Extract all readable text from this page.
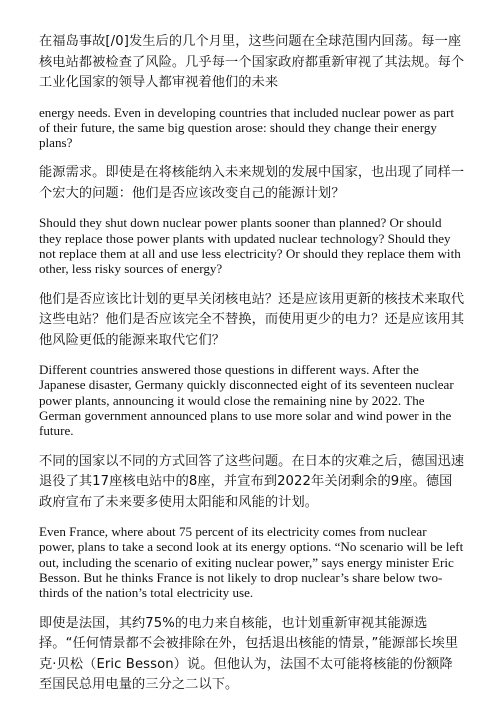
在福岛事故[/0]发生后的几个月里，这些问题在全球范围内回荡。每一座核电站都被检查了风险。几乎每一个国家政府都重新审视了其法规。每个工业化国家的领导人都审视着他们的未来

energy needs. Even in developing countries that included nuclear power as part of their future, the same big question arose: should they change their energy plans?

能源需求。即使是在将核能纳入未来规划的发展中国家，也出现了同样一个宏大的问题：他们是否应该改变自己的能源计划？

Should they shut down nuclear power plants sooner than planned? Or should they replace those power plants with updated nuclear technology? Should they not replace them at all and use less electricity? Or should they replace them with other, less risky sources of energy?

他们是否应该比计划的更早关闭核电站？还是应该用更新的核技术来取代这些电站？他们是否应该完全不替换，而使用更少的电力？还是应该用其他风险更低的能源来取代它们？

Different countries answered those questions in different ways. After the Japanese disaster, Germany quickly disconnected eight of its seventeen nuclear power plants, announcing it would close the remaining nine by 2022. The German government announced plans to use more solar and wind power in the future.

不同的国家以不同的方式回答了这些问题。在日本的灾难之后，德国迅速退役了其17座核电站中的8座，并宣布到2022年关闭剩余的9座。德国政府宣布了未来要多使用太阳能和风能的计划。

Even France, where about 75 percent of its electricity comes from nuclear power, plans to take a second look at its energy options. “No scenario will be left out, including the scenario of exiting nuclear power,” says energy minister Eric Besson. But he thinks France is not likely to drop nuclear’s share below two-thirds of the nation’s total electricity use.

即使是法国，其约75%的电力来自核能，也计划重新审视其能源选择。“任何情景都不会被排除在外，包括退出核能的情景，”能源部长埃里克·贝松（Eric Besson）说。但他认为，法国不太可能将核能的份额降至国民总用电量的三分之二以下。
